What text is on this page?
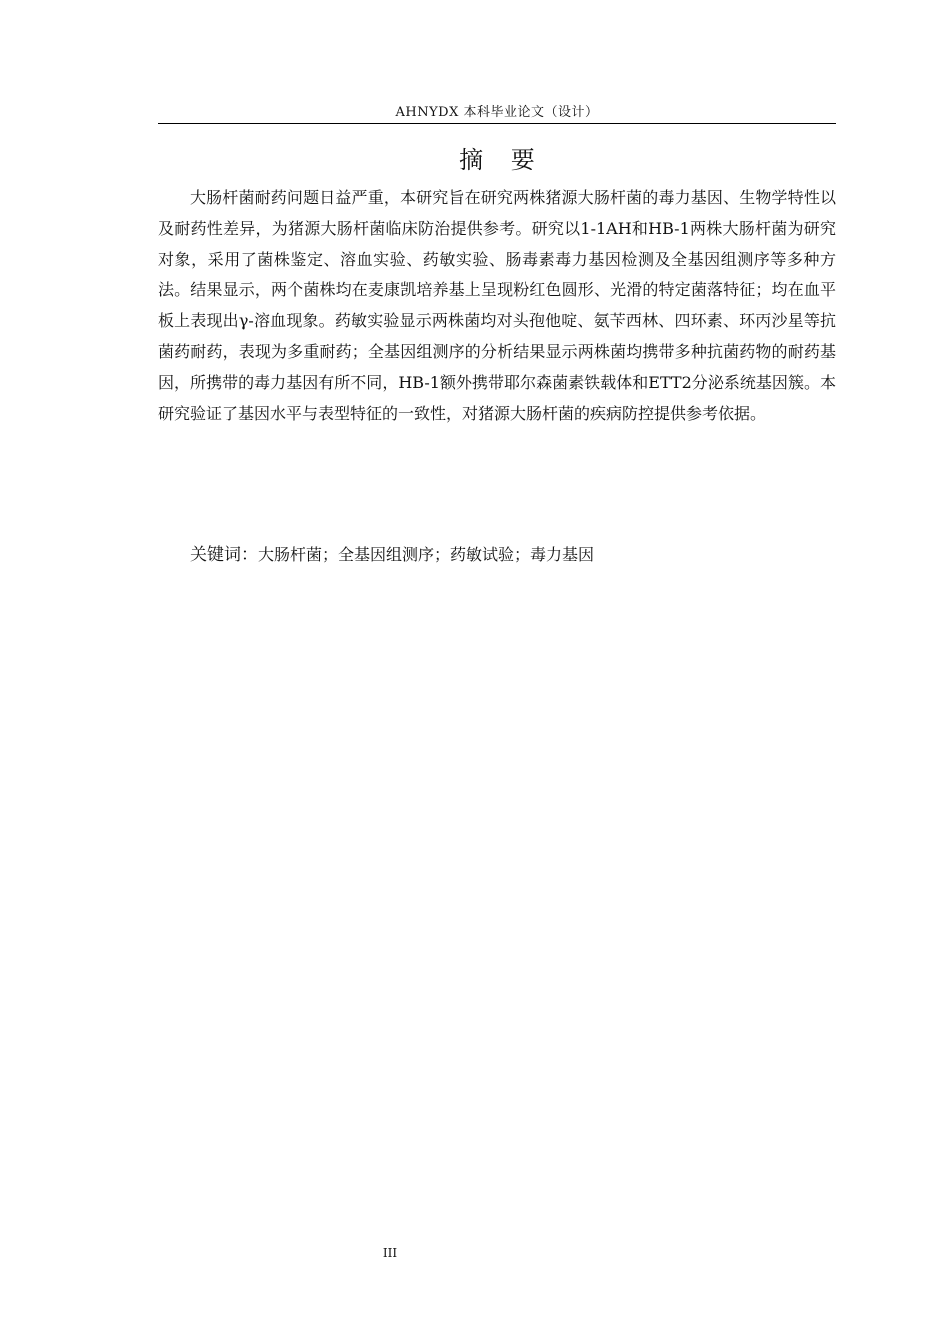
AHNYDX 本科毕业论文（设计）
摘 要

大肠杆菌耐药问题日益严重，本研究旨在研究两株猪源大肠杆菌的毒力基因、生物学特性以及耐药性差异，为猪源大肠杆菌临床防治提供参考。研究以1-1AH和HB-1两株大肠杆菌为研究对象，采用了菌株鉴定、溶血实验、药敏实验、肠毒素毒力基因检测及全基因组测序等多种方法。结果显示，两个菌株均在麦康凯培养基上呈现粉红色圆形、光滑的特定菌落特征；均在血平板上表现出γ-溶血现象。药敏实验显示两株菌均对头孢他啶、氨苄西林、四环素、环丙沙星等抗菌药耐药，表现为多重耐药；全基因组测序的分析结果显示两株菌均携带多种抗菌药物的耐药基因，所携带的毒力基因有所不同，HB-1额外携带耶尔森菌素铁载体和ETT2分泌系统基因簇。本研究验证了基因水平与表型特征的一致性，对猪源大肠杆菌的疾病防控提供参考依据。

关键词：大肠杆菌；全基因组测序；药敏试验；毒力基因
III
